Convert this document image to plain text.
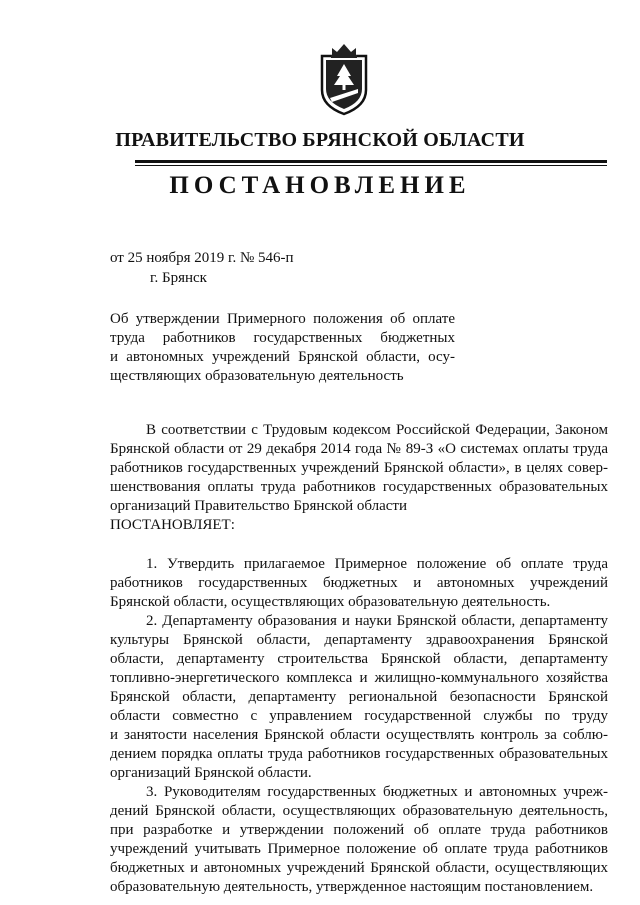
ПРАВИТЕЛЬСТВО БРЯНСКОЙ ОБЛАСТИ
ПОСТАНОВЛЕНИЕ
от 25 ноября 2019 г. № 546-п
г. Брянск
Об утверждении Примерного положения об оплате
труда работников государственных бюджетных
и автономных учреждений Брянской области, осу-
ществляющих образовательную деятельность
В соответствии с Трудовым кодексом Российской Федерации, Законом
Брянской области от 29 декабря 2014 года № 89-З «О системах оплаты труда
работников государственных учреждений Брянской области», в целях совер-
шенствования оплаты труда работников государственных образовательных
организаций Правительство Брянской области
ПОСТАНОВЛЯЕТ:
1. Утвердить прилагаемое Примерное положение об оплате труда
работников государственных бюджетных и автономных учреждений
Брянской области, осуществляющих образовательную деятельность.
2. Департаменту образования и науки Брянской области, департаменту
культуры Брянской области, департаменту здравоохранения Брянской
области, департаменту строительства Брянской области, департаменту
топливно-энергетического комплекса и жилищно-коммунального хозяйства
Брянской области, департаменту региональной безопасности Брянской
области совместно с управлением государственной службы по труду
и занятости населения Брянской области осуществлять контроль за соблю-
дением порядка оплаты труда работников государственных образовательных
организаций Брянской области.
3. Руководителям государственных бюджетных и автономных учреж-
дений Брянской области, осуществляющих образовательную деятельность,
при разработке и утверждении положений об оплате труда работников
учреждений учитывать Примерное положение об оплате труда работников
бюджетных и автономных учреждений Брянской области, осуществляющих
образовательную деятельность, утвержденное настоящим постановлением.
